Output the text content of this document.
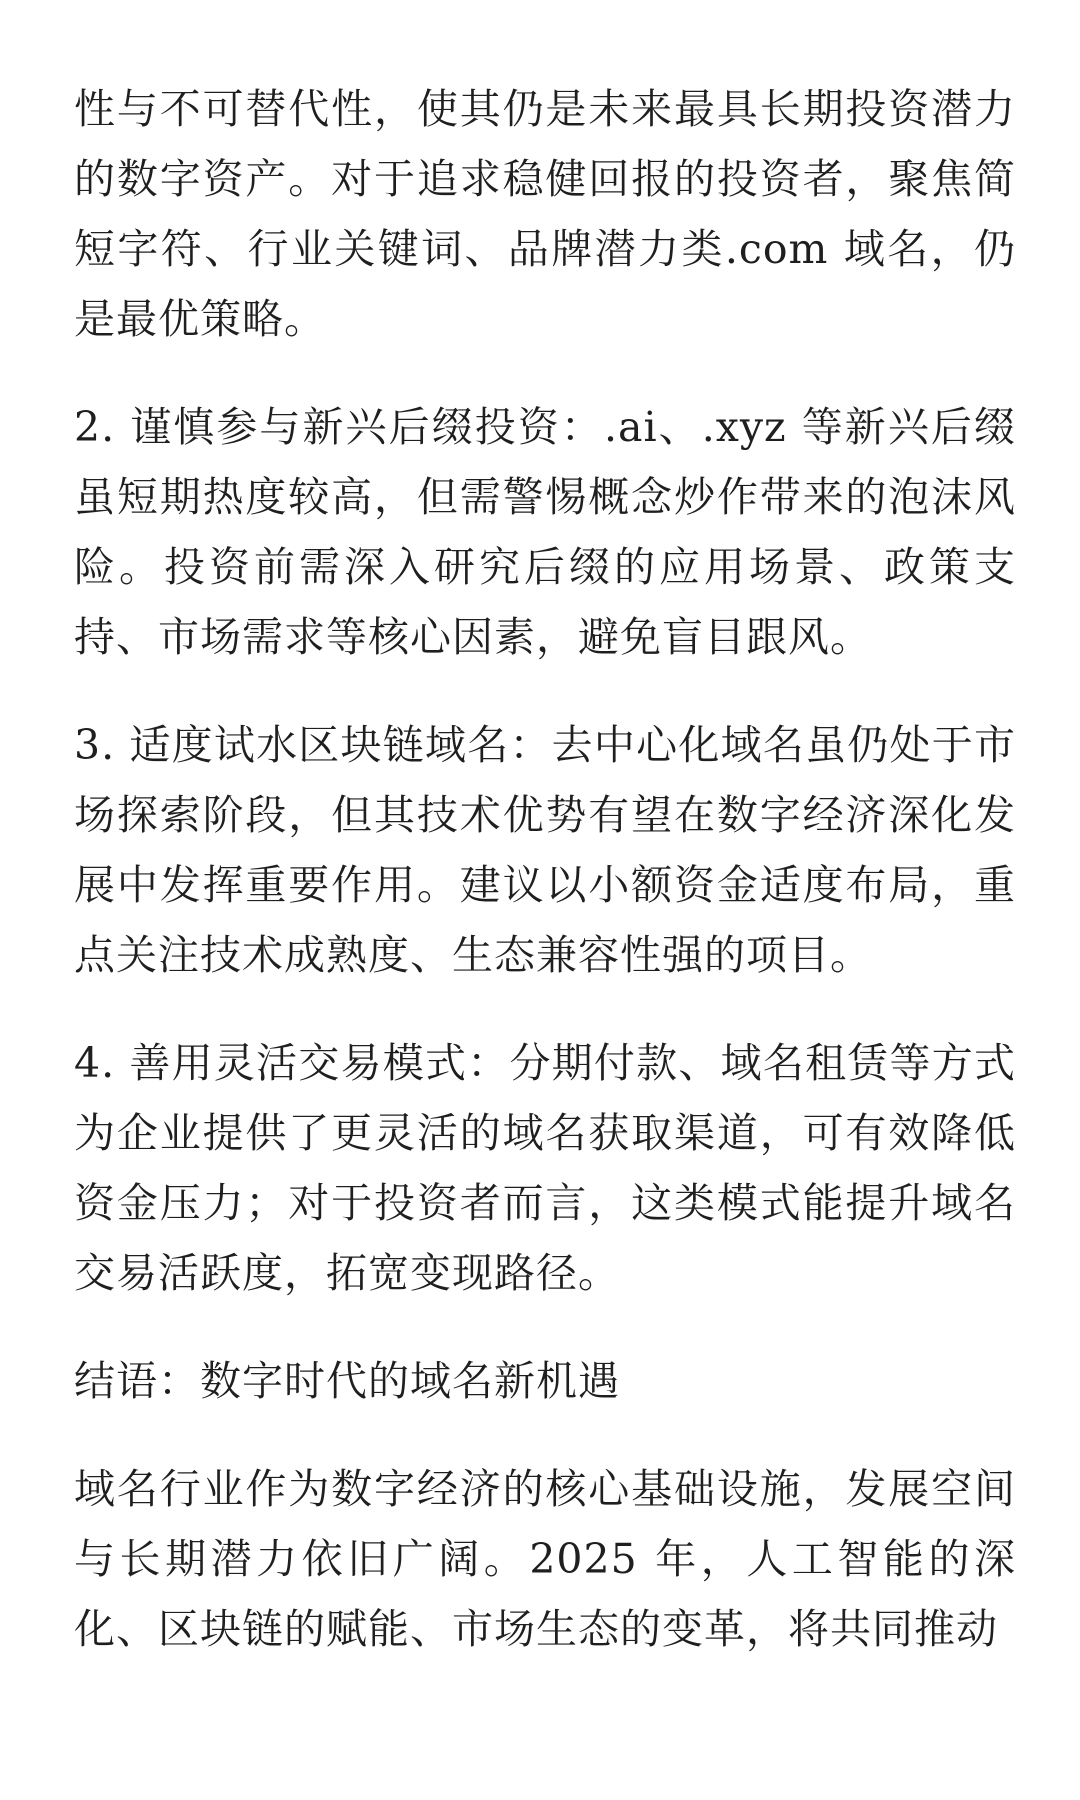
性与不可替代性，使其仍是未来最具长期投资潜力的数字资产。对于追求稳健回报的投资者，聚焦简短字符、行业关键词、品牌潜力类.com 域名，仍是最优策略。

2. 谨慎参与新兴后缀投资：.ai、.xyz 等新兴后缀虽短期热度较高，但需警惕概念炒作带来的泡沫风险。投资前需深入研究后缀的应用场景、政策支持、市场需求等核心因素，避免盲目跟风。

3. 适度试水区块链域名：去中心化域名虽仍处于市场探索阶段，但其技术优势有望在数字经济深化发展中发挥重要作用。建议以小额资金适度布局，重点关注技术成熟度、生态兼容性强的项目。

4. 善用灵活交易模式：分期付款、域名租赁等方式为企业提供了更灵活的域名获取渠道，可有效降低资金压力；对于投资者而言，这类模式能提升域名交易活跃度，拓宽变现路径。

结语：数字时代的域名新机遇

域名行业作为数字经济的核心基础设施，发展空间与长期潜力依旧广阔。2025 年，人工智能的深化、区块链的赋能、市场生态的变革，将共同推动
